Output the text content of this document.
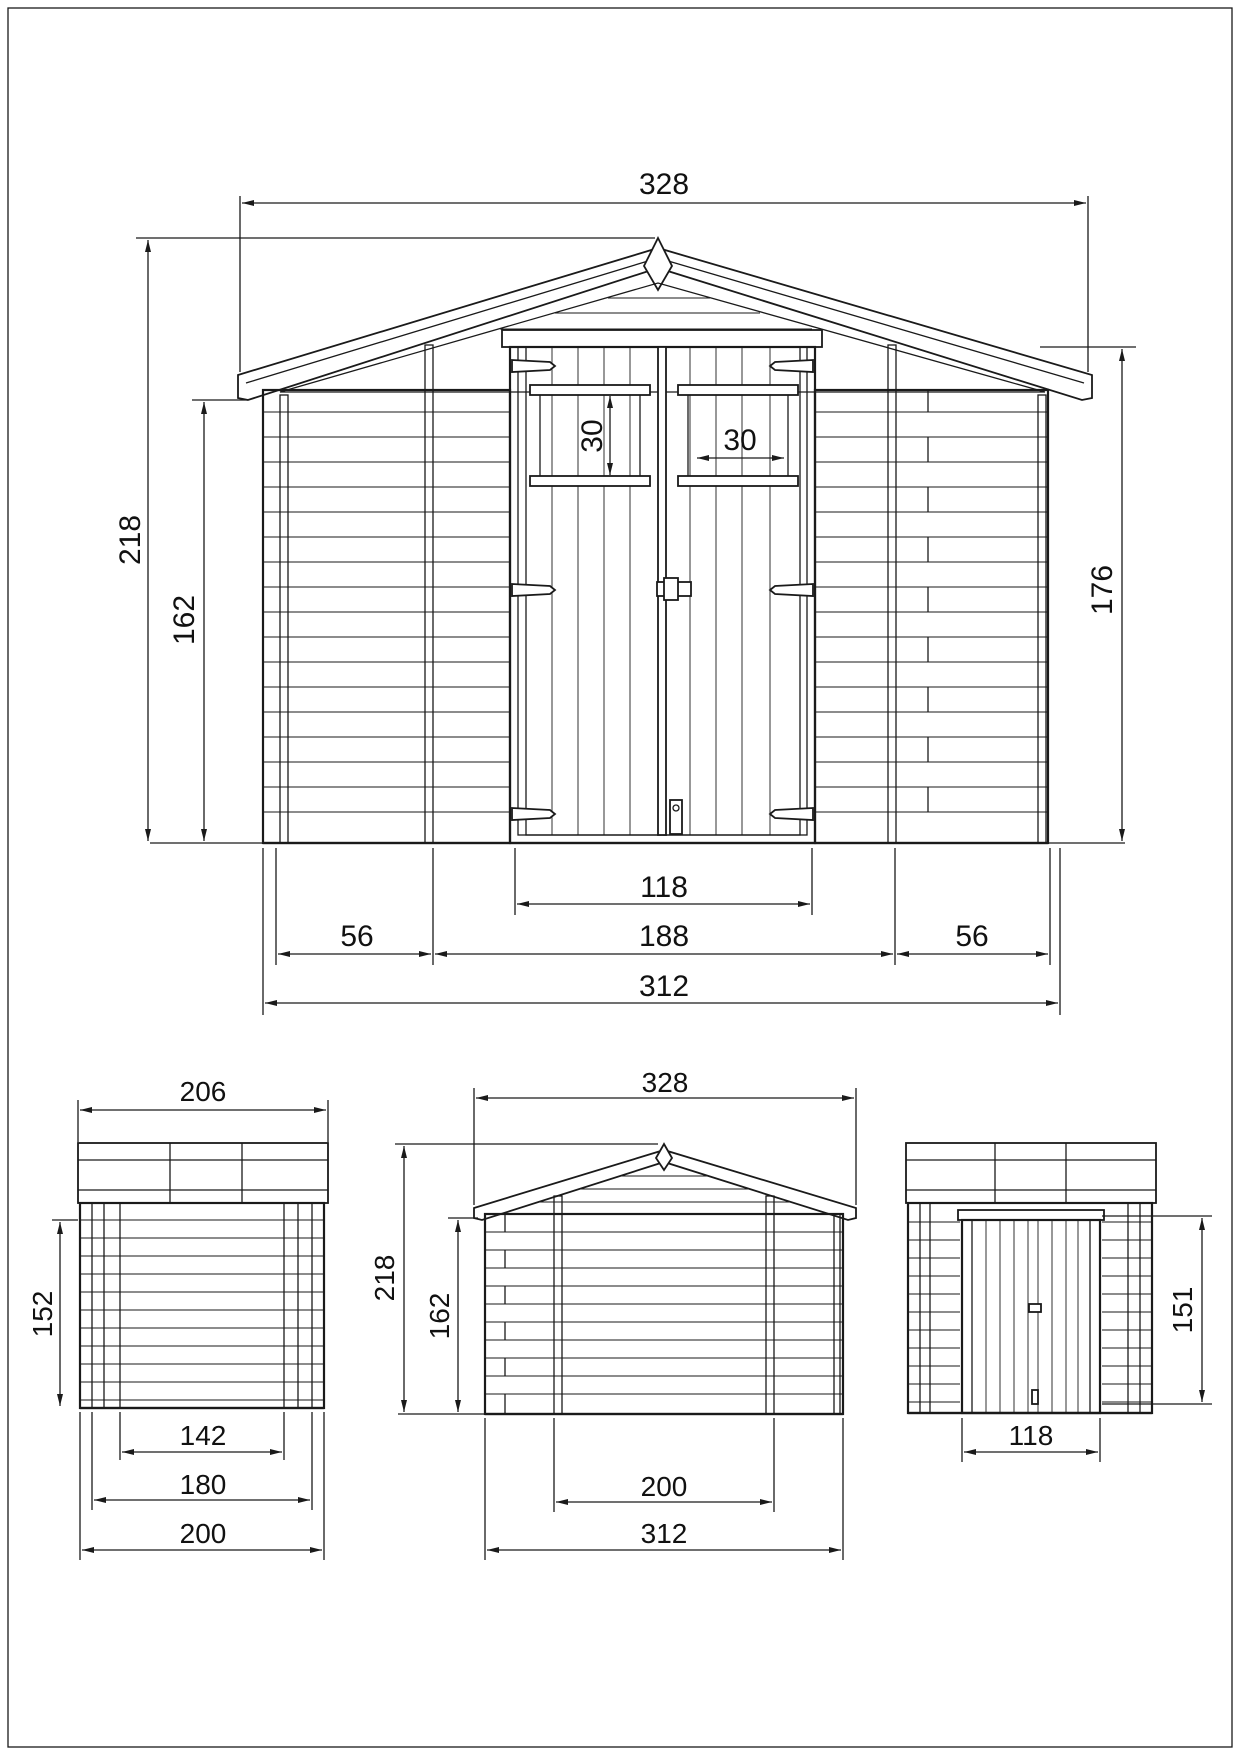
328
218
162
176
30	30
118
56	188	56
312
206
152
142
180
200
328
218
162
200
312
151
118
